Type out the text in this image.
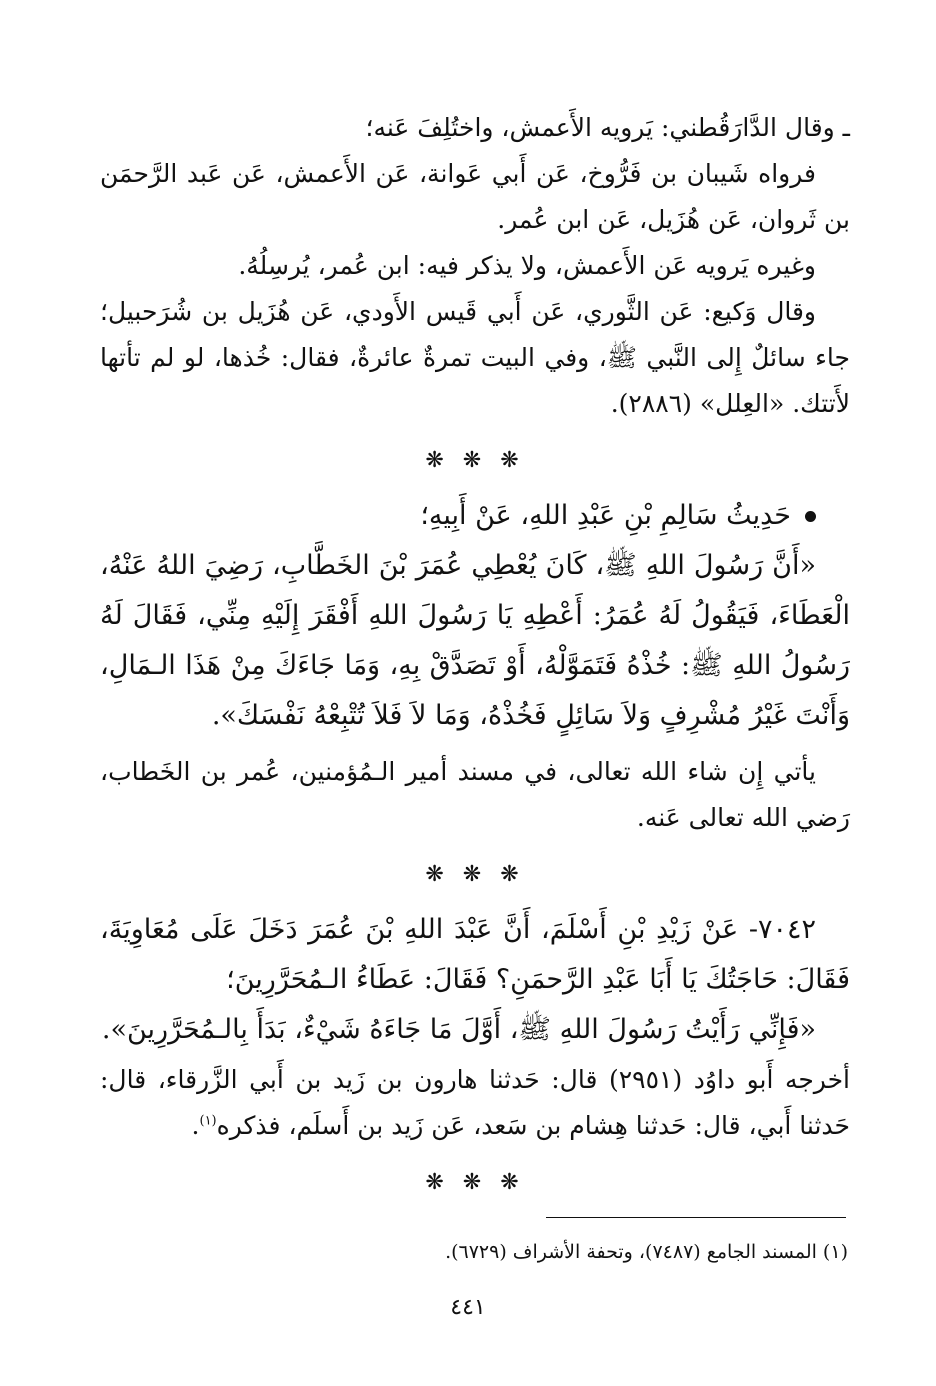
ـ وقال الدَّارَقُطني: يَرويه الأَعمش، واختُلِفَ عَنه؛

فرواه شَيبان بن فَرُّوخ، عَن أَبي عَوانة، عَن الأَعمش، عَن عَبد الرَّحمَن بن ثَروان، عَن هُزَيل، عَن ابن عُمر.

وغيره يَرويه عَن الأَعمش، ولا يذكر فيه: ابن عُمر، يُرسِلُهُ.

وقال وَكيع: عَن الثَّوري، عَن أَبي قَيس الأَودي، عَن هُزَيل بن شُرَحبيل؛ جاء سائلٌ إِلى النَّبي ﷺ، وفي البيت تمرةٌ عائرةٌ، فقال: خُذها، لو لم تأتها لأَتتك. «العِلل» (٢٨٨٦).

❋ ❋ ❋

حَدِيثُ سَالِمِ بْنِ عَبْدِ اللهِ، عَنْ أَبِيهِ؛

«أَنَّ رَسُولَ اللهِ ﷺ، كَانَ يُعْطِي عُمَرَ بْنَ الخَطَّابِ، رَضِيَ اللهُ عَنْهُ، الْعَطَاءَ، فَيَقُولُ لَهُ عُمَرُ: أَعْطِهِ يَا رَسُولَ اللهِ أَفْقَرَ إِلَيْهِ مِنِّي، فَقَالَ لَهُ رَسُولُ اللهِ ﷺ: خُذْهُ فَتَمَوَّلْهُ، أَوْ تَصَدَّقْ بِهِ، وَمَا جَاءَكَ مِنْ هَذَا الـمَالِ، وَأَنْتَ غَيْرُ مُشْرِفٍ وَلاَ سَائِلٍ فَخُذْهُ، وَمَا لاَ فَلاَ تُتْبِعْهُ نَفْسَكَ».

يأتي إِن شاء الله تعالى، في مسند أمير الـمُؤمنين، عُمر بن الخَطاب، رَضي الله تعالى عَنه.

❋ ❋ ❋

٧٠٤٢- عَنْ زَيْدِ بْنِ أَسْلَمَ، أَنَّ عَبْدَ اللهِ بْنَ عُمَرَ دَخَلَ عَلَى مُعَاوِيَةَ، فَقَالَ: حَاجَتُكَ يَا أَبَا عَبْدِ الرَّحمَنِ؟ فَقَالَ: عَطَاءُ الـمُحَرَّرِينَ؛

«فَإِنِّي رَأَيْتُ رَسُولَ اللهِ ﷺ، أَوَّلَ مَا جَاءَهُ شَيْءٌ، بَدَأَ بِالـمُحَرَّرِينَ».

أخرجه أَبو داوُد (٢٩٥١) قال: حَدثنا هارون بن زَيد بن أَبي الزَّرقاء، قال: حَدثنا أَبي، قال: حَدثنا هِشام بن سَعد، عَن زَيد بن أَسلَم، فذكره$^{(١)}$.

❋ ❋ ❋
(١) المسند الجامع (٧٤٨٧)، وتحفة الأشراف (٦٧٢٩).
٤٤١
